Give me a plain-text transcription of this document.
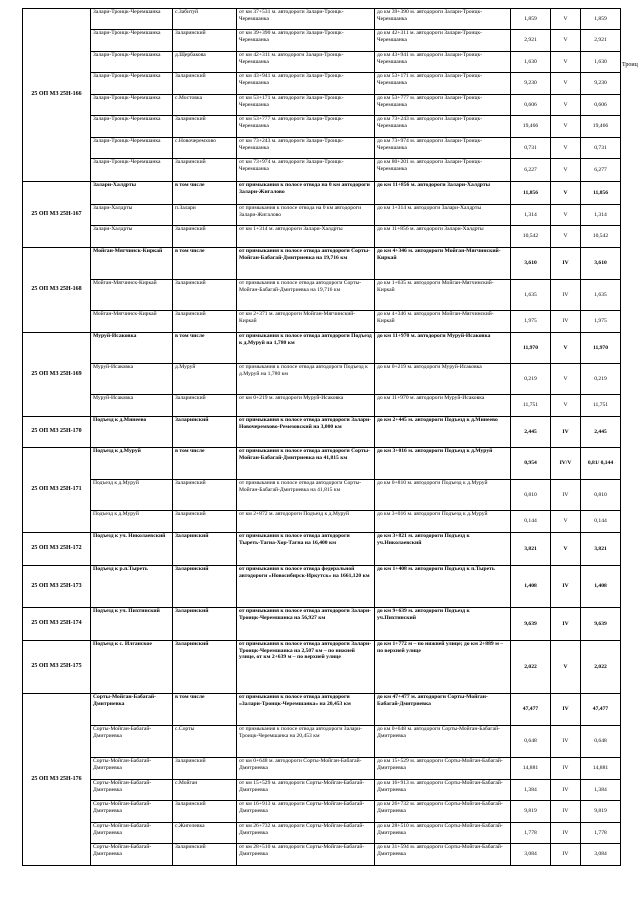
Троиц
25 ОП МЗ 25Н-166	Залари-Троицк-Черемшанка	с.Забитуй	от км 37+531 м. автодороги Залари-Троицк-Черемшанка	до км 39+390 м. автодороги Залари-Троицк-Черемшанка	1,859	V	1,859
	Залари-Троицк-Черемшанка	Заларинский	от км 39+390 м. автодороги Залари-Троицк-Черемшанка	до км 42+311 м. автодороги Залари-Троицк-Черемшанка	2,921	V	2,921
	Залари-Троицк-Черемшанка	д.Щербакова	от км 42+311 м. автодороги Залари-Троицк-Черемшанка	до км 43+941 м. автодороги Залари-Троицк-Черемшанка	1,630	V	1,630
	Залари-Троицк-Черемшанка	Заларинский	от км 43+941 м. автодороги Залари-Троицк-Черемшанка	до км 53+171 м. автодороги Залари-Троицк-Черемшанка	9,230	V	9,230
	Залари-Троицк-Черемшанка	с.Мостовка	от км 53+171 м. автодороги Залари-Троицк-Черемшанка	до км 53+777 м. автодороги Залари-Троицк-Черемшанка	0,606	V	0,606
	Залари-Троицк-Черемшанка	Заларинский	от км 53+777 м. автодороги Залари-Троицк-Черемшанка	до км 73+243 м. автодороги Залари-Троицк-Черемшанка	19,466	V	19,466
	Залари-Троицк-Черемшанка	с.Новочеремхово	от км 73+243 м. автодороги Залари-Троицк-Черемшанка	до км 73+974 м. автодороги Залари-Троицк-Черемшанка	0,731	V	0,731
	Залари-Троицк-Черемшанка	Заларинский	от км 73+974 м. автодороги Залари-Троицк-Черемшанка	до км 80+201 м. автодороги Залари-Троицк-Черемшанка	6,227	V	6,277
25 ОП МЗ 25Н-167	Залари-Халдрты	в том числе	от примыкания к полосе отвода на 0 км автодороги Залари-Жигалово	до км 11+856 м. автодороги Залари-Халдрты	11,856	V	11,856
	Залари-Халдрты	п.Залари	от примыкания к полосе отвода на 0 км автодороги Залари-Жигалово	до км 1+314 м. автодороги Залари-Халдрты	1,314	V	1,314
	Залари-Халдрты	Заларинский	от км 1+314 м. автодороги Залари-Халдрты	до км 11+856 м. автодороги Залари-Халдрты	10,542	V	10,542
25 ОП МЗ 25Н-168	Мойган-Мягчинск-Киркай	в том числе	от примыкания к полосе отвода автодороги Сорты-Мойган-Бабагай-Дмитриевка на 19,716 км	до км 4+346 м. автодороги Мойган-Мягчинский-Киркай	3,610	IV	3,610
	Мойган-Мягчинск-Киркай	Заларинский	от примыкания к полосе отвода автодороги Сорты-Мойган-Бабагай-Дмитриевка на 19,716 км	до км 1+635 м. автодороги Мойган-Мягчинский-Киркай	1,635	IV	1,635
	Мойган-Мягчинск-Киркай	Заларинский	от км 2+371 м. автодороги Мойган-Мягчинский-Киркай	до км 4+346 м. автодороги Мойган-Мягчинский-Киркай	1,975	IV	1,975
25 ОП МЗ 25Н-169	Муруй-Исаковка	в том числе	от примыкания к полосе отвода автодороги Подъезд к д.Муруй на 1,780 км	до км 11+970 м. автодороги Муруй-Исаковка	11,970	V	11,970
	Муруй-Исаковка	д.Муруй	от примыкания к полосе отвода автодороги Подъезд к д.Муруй на 1,780 км	до км 0+219 м. автодороги Муруй-Исаковка	0,219	V	0,219
	Муруй-Исаковка	Заларинский	от км 0+219 м. автодороги Муруй-Исаковка	до км 11+970 м. автодороги Муруй-Исаковка	11,751	V	11,751
25 ОП МЗ 25Н-170	Подъезд к д.Минеево	Заларинский	от примыкания к полосе отвода автодороги Залари-Новочеремхово-Ремезовский на 3,000 км	до км 2+445 м. автодороги Подъезд к д.Минеево	2,445	IV	2,445
25 ОП МЗ 25Н-171	Подъезд к д.Муруй	в том числе	от примыкания к полосе отвода автодороги Сорты-Мойган-Бабагай-Дмитриевка на 41,815 км	до км 3+016 м. автодороги Подъезд к д.Муруй	0,954	IV/V	0,81/ 0,144
	Подъезд к д.Муруй	Заларинский	от примыкания к полосе отвода автодороги Сорты-Мойган-Бабагай-Дмитриевка на 41,815 км	до км 0+810 м. автодороги Подъезд к д.Муруй	0,810	IV	0,810
	Подъезд к д.Муруй	Заларинский	от км 2+872 м. автодороги Подъезд к д.Муруй	до км 3+016 м. автодороги Подъезд к д.Муруй	0,144	V	0,144
25 ОП МЗ 25Н-172	Подъезд к уч. Николаевский	Заларинский	от примыкания к полосе отвода автодороги Тыреть-Тагна-Хор-Тагна на 16,400 км	до км 3+821 м. автодороги Подъезд к уч.Николаевский	3,821	V	3,821
25 ОП МЗ 25Н-173	Подъезд к р.п.Тыреть	Заларинский	от примыкания к полосе отвода федеральной автодороги «Новосибирск-Иркутск» на 1661,120 км	до км 1+408 м. автодороги Подъезд к п.Тыреть	1,408	IV	1,408
25 ОП МЗ 25Н-174	Подъезд к уч. Пихтинский	Заларинский	от примыкания к полосе отвода автодороги Залари-Троицк-Черемшанка на 56,927 км	до км 9+639 м. автодороги Подъезд к уч.Пихтинский	9,639	IV	9,639
25 ОП МЗ 25Н-175	Подъезд к с. Илганское	Заларинский	от примыкания к полосе отвода автодороги Залари-Троицк-Черемшанка на 2,507 км – по нижней улице, от км 2+639 м – по верхней улице	до км 1+772 м – по нижней улице; до км 2+889 м – по верхней улице	2,022	V	2,022
25 ОП МЗ 25Н-176	Сорты-Мойган-Бабагай-Дмитриевка	в том числе	от примыкания к полосе отвода автодороги «Залари-Троицк-Черемшанка» на 20,453 км	до км 47+477 м. автодороги Сорты-Мойган-Бабагай-Дмитриевка	47,477	IV	47,477
	Сорты-Мойган-Бабагай-Дмитриевка	с.Сорты	от примыкания к полосе отвода автодороги Залари-Троицк-Черемшанка на 20,453 км	до км 0+648 м. автодороги Сорты-Мойган-Бабагай-Дмитриевка	0,648	IV	0,648
	Сорты-Мойган-Бабагай-Дмитриевка	Заларинский	от км 0+648 м. автодороги Сорты-Мойган-Бабагай-Дмитриевка	до км 15+529 м. автодороги Сорты-Мойган-Бабагай-Дмитриевка	14,881	IV	14,881
	Сорты-Мойган-Бабагай-Дмитриевка	с.Мойган	от км 15+529 м. автодороги Сорты-Мойган-Бабагай-Дмитриевка	до км 16+913 м. автодороги Сорты-Мойган-Бабагай-Дмитриевка	1,384	IV	1,384
	Сорты-Мойган-Бабагай-Дмитриевка	Заларинский	от км 16+913 м. автодороги Сорты-Мойган-Бабагай-Дмитриевка	до км 26+732 м. автодороги Сорты-Мойган-Бабагай-Дмитриевка	9,819	IV	9,819
	Сорты-Мойган-Бабагай-Дмитриевка	с.Жигелевка	от км 26+732 м. автодороги Сорты-Мойган-Бабагай-Дмитриевка	до км 28+510 м. автодороги Сорты-Мойган-Бабагай-Дмитриевка	1,778	IV	1,778
	Сорты-Мойган-Бабагай-Дмитриевка	Заларинский	от км 28+510 м. автодороги Сорты-Мойган-Бабагай-Дмитриевка	до км 31+594 м. автодороги Сорты-Мойган-Бабагай-Дмитриевка	3,084	IV	3,084
